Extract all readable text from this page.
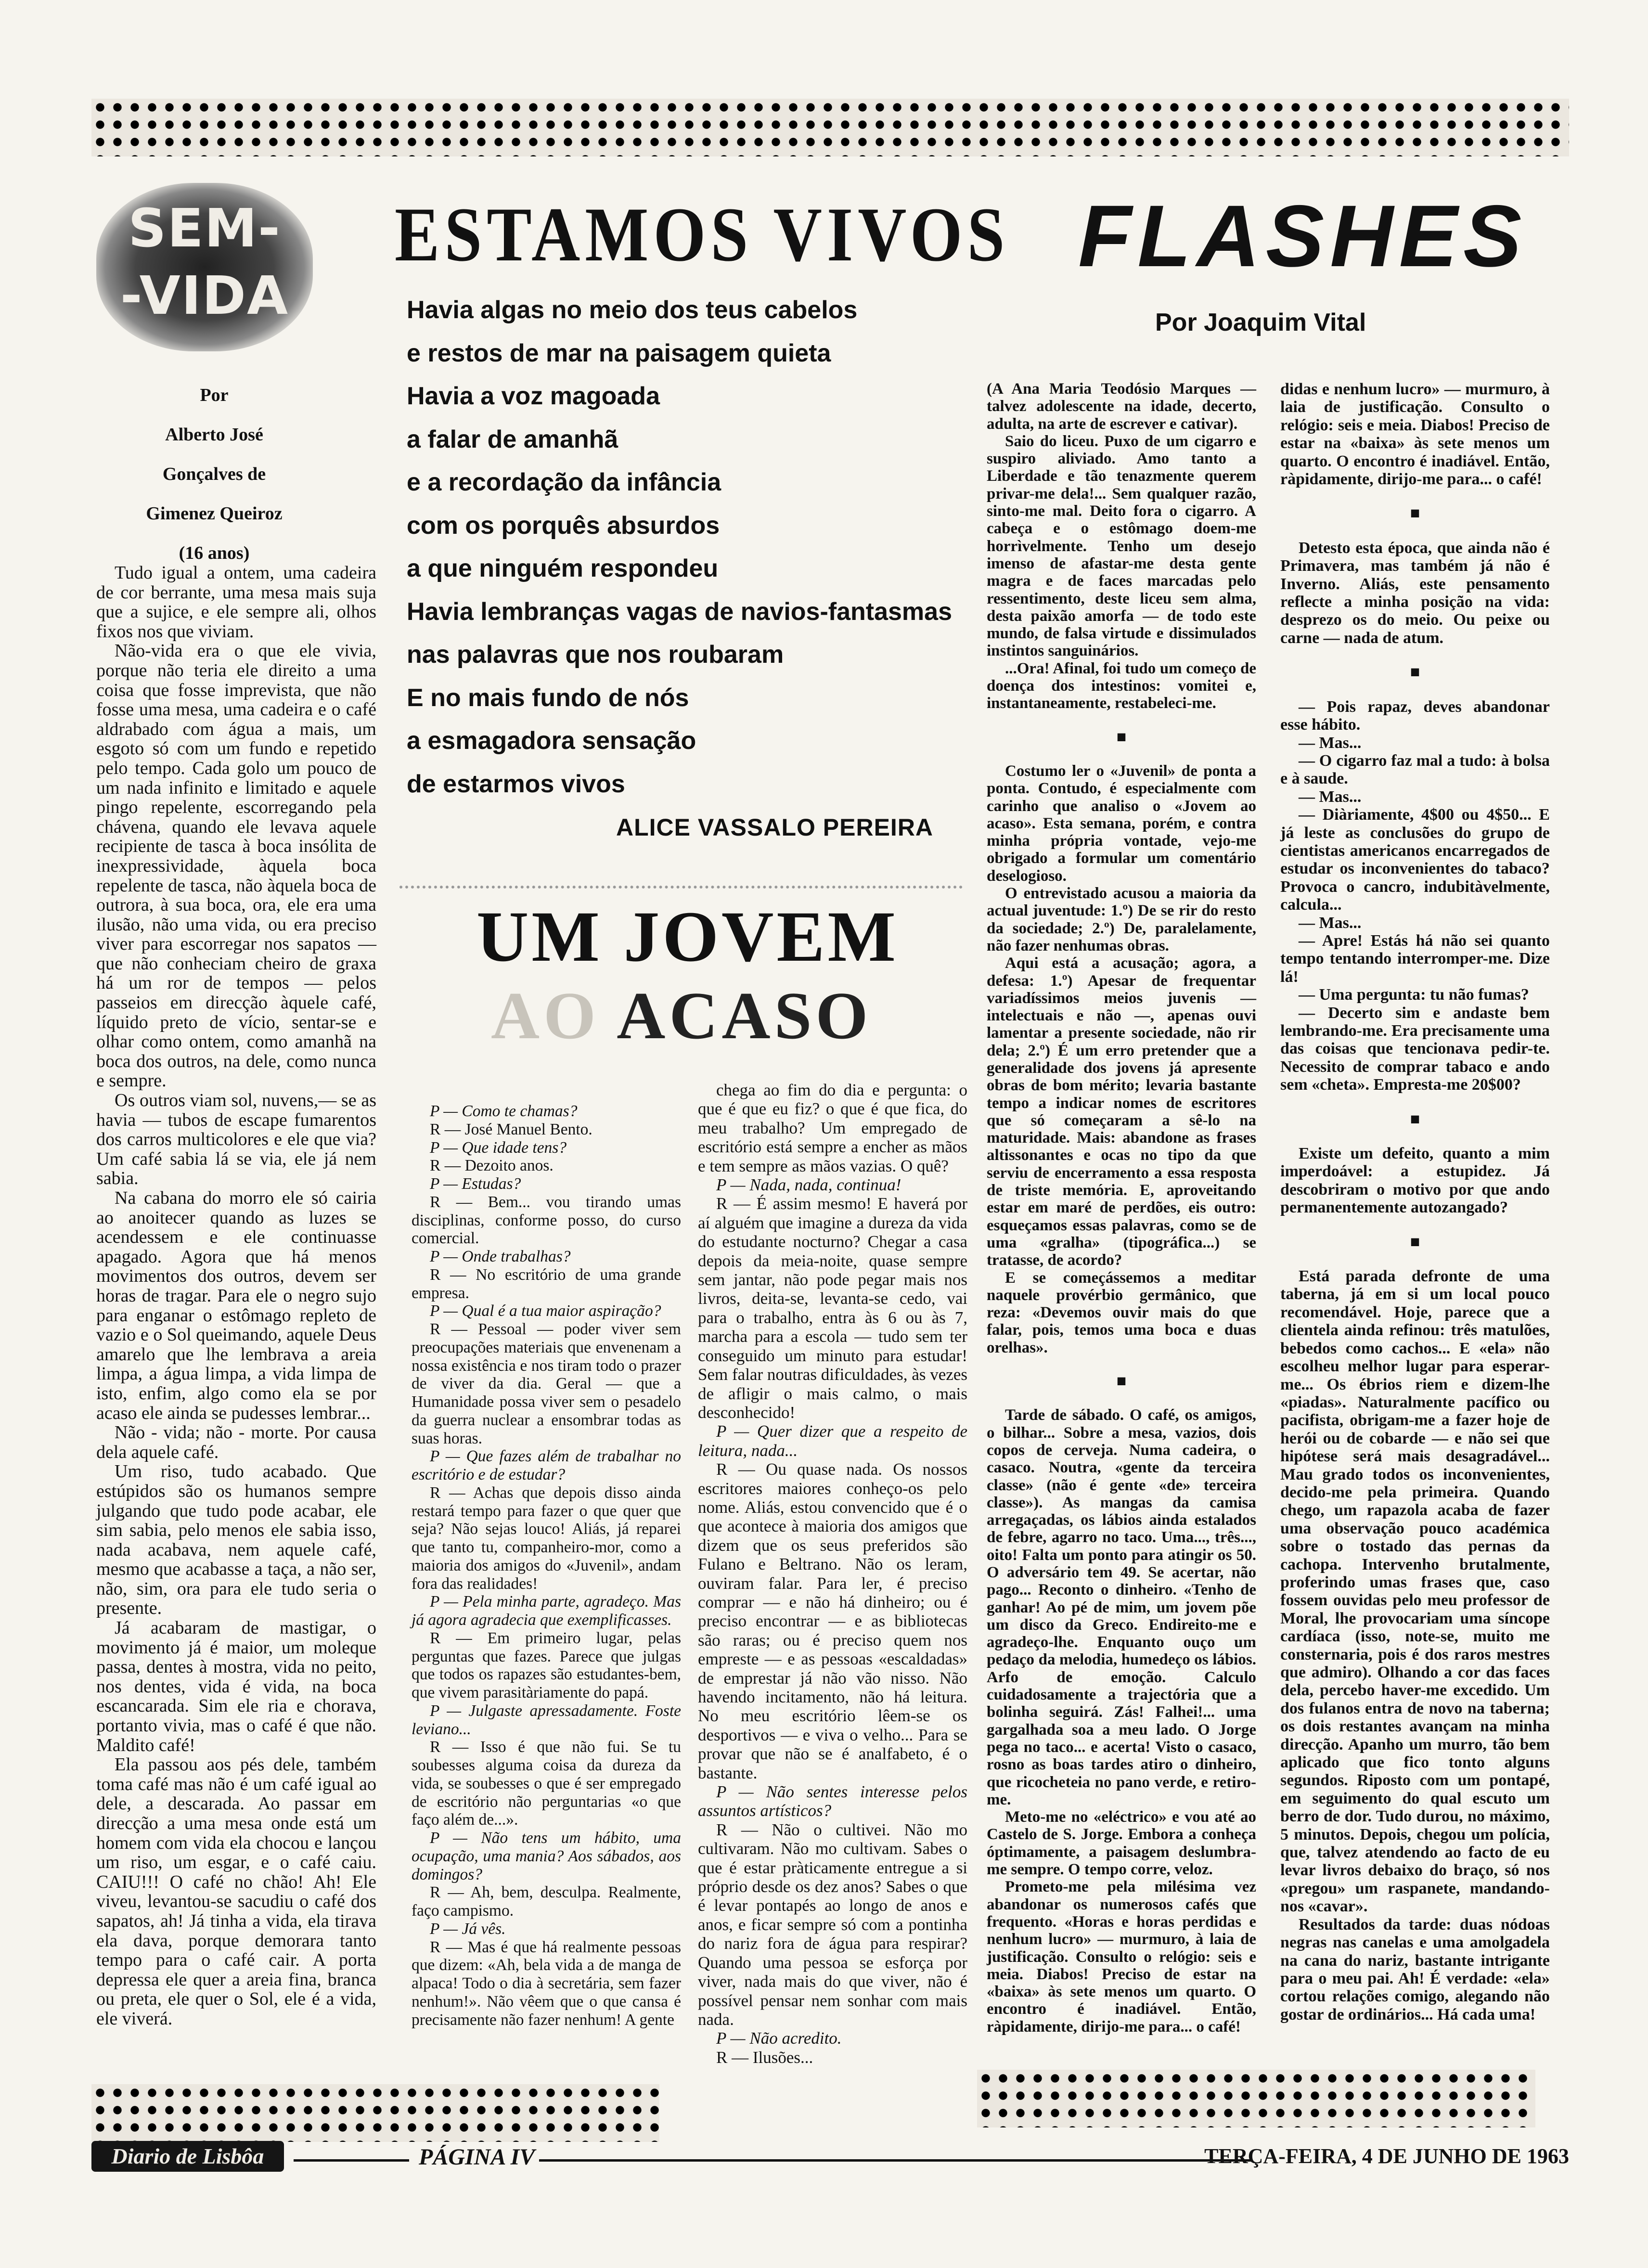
SEM-
-VIDA
Por
Alberto José
Gonçalves de
Gimenez Queiroz
(16 anos)

Tudo igual a ontem, uma cadeira de cor berrante, uma mesa mais suja que a sujice, e ele sempre ali, olhos fixos nos que viviam.

Não-vida era o que ele vivia, porque não teria ele direito a uma coisa que fosse imprevista, que não fosse uma mesa, uma cadeira e o café aldrabado com água a mais, um esgoto só com um fundo e repetido pelo tempo. Cada golo um pouco de um nada infinito e limitado e aquele pingo repelente, escorregando pela chávena, quando ele levava aquele recipiente de tasca à boca insólita de inexpressividade, àquela boca repelente de tasca, não àquela boca de outrora, à sua boca, ora, ele era uma ilusão, não uma vida, ou era preciso viver para escorregar nos sapatos — que não conheciam cheiro de graxa há um ror de tempos — pelos passeios em direcção àquele café, líquido preto de vício, sentar-se e olhar como ontem, como amanhã na boca dos outros, na dele, como nunca e sempre.

Os outros viam sol, nuvens,— se as havia — tubos de escape fumarentos dos carros multicolores e ele que via? Um café sabia lá se via, ele já nem sabia.

Na cabana do morro ele só cairia ao anoitecer quando as luzes se acendessem e ele continuasse apagado. Agora que há menos movimentos dos outros, devem ser horas de tragar. Para ele o negro sujo para enganar o estômago repleto de vazio e o Sol queimando, aquele Deus amarelo que lhe lembrava a areia limpa, a água limpa, a vida limpa de isto, enfim, algo como ela se por acaso ele ainda se pudesses lembrar...

Não - vida; não - morte. Por causa dela aquele café.

Um riso, tudo acabado. Que estúpidos são os humanos sempre julgando que tudo pode acabar, ele sim sabia, pelo menos ele sabia isso, nada acabava, nem aquele café, mesmo que acabasse a taça, a não ser, não, sim, ora para ele tudo seria o presente.

Já acabaram de mastigar, o movimento já é maior, um moleque passa, dentes à mostra, vida no peito, nos dentes, vida é vida, na boca escancarada. Sim ele ria e chorava, portanto vivia, mas o café é que não. Maldito café!

Ela passou aos pés dele, também toma café mas não é um café igual ao dele, a descarada. Ao passar em direcção a uma mesa onde está um homem com vida ela chocou e lançou um riso, um esgar, e o café caiu. CAIU!!! O café no chão! Ah! Ele viveu, levantou-se sacudiu o café dos sapatos, ah! Já tinha a vida, ela tirava ela dava, porque demorara tanto tempo para o café cair. A porta depressa ele quer a areia fina, branca ou preta, ele quer o Sol, ele é a vida, ele viverá.

ESTAMOS VIVOS
Havia algas no meio dos teus cabelos
e restos de mar na paisagem quieta
Havia a voz magoada
a falar de amanhã
e a recordação da infância
com os porquês absurdos
a que ninguém respondeu
Havia lembranças vagas de navios-fantasmas
nas palavras que nos roubaram
E no mais fundo de nós
a esmagadora sensação
de estarmos vivos
ALICE VASSALO PEREIRA
UM JOVEM
AO ACASO

P — Como te chamas?

R — José Manuel Bento.

P — Que idade tens?

R — Dezoito anos.

P — Estudas?

R — Bem... vou tirando umas disciplinas, conforme posso, do curso comercial.

P — Onde trabalhas?

R — No escritório de uma grande empresa.

P — Qual é a tua maior aspiração?

R — Pessoal — poder viver sem preocupações materiais que envenenam a nossa existência e nos tiram todo o prazer de viver da dia. Geral — que a Humanidade possa viver sem o pesadelo da guerra nuclear a ensombrar todas as suas horas.

P — Que fazes além de trabalhar no escritório e de estudar?

R — Achas que depois disso ainda restará tempo para fazer o que quer que seja? Não sejas louco! Aliás, já reparei que tanto tu, companheiro-mor, como a maioria dos amigos do «Juvenil», andam fora das realidades!

P — Pela minha parte, agradeço. Mas já agora agradecia que exemplificasses.

R — Em primeiro lugar, pelas perguntas que fazes. Parece que julgas que todos os rapazes são estudantes-bem, que vivem parasitàriamente do papá.

P — Julgaste apressadamente. Foste leviano...

R — Isso é que não fui. Se tu soubesses alguma coisa da dureza da vida, se soubesses o que é ser empregado de escritório não perguntarias «o que faço além de...».

P — Não tens um hábito, uma ocupação, uma mania? Aos sábados, aos domingos?

R — Ah, bem, desculpa. Realmente, faço campismo.

P — Já vês.

R — Mas é que há realmente pessoas que dizem: «Ah, bela vida a de manga de alpaca! Todo o dia à secretária, sem fazer nenhum!». Não vêem que o que cansa é precisamente não fazer nenhum! A gente

chega ao fim do dia e pergunta: o que é que eu fiz? o que é que fica, do meu trabalho? Um empregado de escritório está sempre a encher as mãos e tem sempre as mãos vazias. O quê?

P — Nada, nada, continua!

R — É assim mesmo! E haverá por aí alguém que imagine a dureza da vida do estudante nocturno? Chegar a casa depois da meia-noite, quase sempre sem jantar, não pode pegar mais nos livros, deita-se, levanta-se cedo, vai para o trabalho, entra às 6 ou às 7, marcha para a escola — tudo sem ter conseguido um minuto para estudar! Sem falar noutras dificuldades, às vezes de afligir o mais calmo, o mais desconhecido!

P — Quer dizer que a respeito de leitura, nada...

R — Ou quase nada. Os nossos escritores maiores conheço-os pelo nome. Aliás, estou convencido que é o que acontece à maioria dos amigos que dizem que os seus preferidos são Fulano e Beltrano. Não os leram, ouviram falar. Para ler, é preciso comprar — e não há dinheiro; ou é preciso encontrar — e as bibliotecas são raras; ou é preciso quem nos empreste — e as pessoas «escaldadas» de emprestar já não vão nisso. Não havendo incitamento, não há leitura. No meu escritório lêem-se os desportivos — e viva o velho... Para se provar que não se é analfabeto, é o bastante.

P — Não sentes interesse pelos assuntos artísticos?

R — Não o cultivei. Não mo cultivaram. Não mo cultivam. Sabes o que é estar pràticamente entregue a si próprio desde os dez anos? Sabes o que é levar pontapés ao longo de anos e anos, e ficar sempre só com a pontinha do nariz fora de água para respirar? Quando uma pessoa se esforça por viver, nada mais do que viver, não é possível pensar nem sonhar com mais nada.

P — Não acredito.

R — Ilusões...

FLASHES
Por Joaquim Vital

(A Ana Maria Teodósio Marques — talvez adolescente na idade, decerto, adulta, na arte de escrever e cativar).

Saio do liceu. Puxo de um cigarro e suspiro aliviado. Amo tanto a Liberdade e tão tenazmente querem privar-me dela!... Sem qualquer razão, sinto-me mal. Deito fora o cigarro. A cabeça e o estômago doem-me horrìvelmente. Tenho um desejo imenso de afastar-me desta gente magra e de faces marcadas pelo ressentimento, deste liceu sem alma, desta paixão amorfa — de todo este mundo, de falsa virtude e dissimulados instintos sanguinários.

...Ora! Afinal, foi tudo um começo de doença dos intestinos: vomitei e, instantaneamente, restabeleci-me.

■

Costumo ler o «Juvenil» de ponta a ponta. Contudo, é especialmente com carinho que analiso o «Jovem ao acaso». Esta semana, porém, e contra minha própria vontade, vejo-me obrigado a formular um comentário deselogioso.

O entrevistado acusou a maioria da actual juventude: 1.º) De se rir do resto da sociedade; 2.º) De, paralelamente, não fazer nenhumas obras.

Aqui está a acusação; agora, a defesa: 1.º) Apesar de frequentar variadíssimos meios juvenis — intelectuais e não —, apenas ouvi lamentar a presente sociedade, não rir dela; 2.º) É um erro pretender que a generalidade dos jovens já apresente obras de bom mérito; levaria bastante tempo a indicar nomes de escritores que só começaram a sê-lo na maturidade. Mais: abandone as frases altissonantes e ocas no tipo da que serviu de encerramento a essa resposta de triste memória. E, aproveitando estar em maré de perdões, eis outro: esqueçamos essas palavras, como se de uma «gralha» (tipográfica...) se tratasse, de acordo?

E se começássemos a meditar naquele provérbio germânico, que reza: «Devemos ouvir mais do que falar, pois, temos uma boca e duas orelhas».

■

Tarde de sábado. O café, os amigos, o bilhar... Sobre a mesa, vazios, dois copos de cerveja. Numa cadeira, o casaco. Noutra, «gente da terceira classe» (não é gente «de» terceira classe»). As mangas da camisa arregaçadas, os lábios ainda estalados de febre, agarro no taco. Uma..., três..., oito! Falta um ponto para atingir os 50. O adversário tem 49. Se acertar, não pago... Reconto o dinheiro. «Tenho de ganhar! Ao pé de mim, um jovem põe um disco da Greco. Endireito-me e agradeço-lhe. Enquanto ouço um pedaço da melodia, humedeço os lábios. Arfo de emoção. Calculo cuidadosamente a trajectória que a bolinha seguirá. Zás! Falhei!... uma gargalhada soa a meu lado. O Jorge pega no taco... e acerta! Visto o casaco, rosno as boas tardes atiro o dinheiro, que ricocheteia no pano verde, e retiro-me.

Meto-me no «eléctrico» e vou até ao Castelo de S. Jorge. Embora a conheça óptimamente, a paisagem deslumbra-me sempre. O tempo corre, veloz.

Prometo-me pela milésima vez abandonar os numerosos cafés que frequento. «Horas e horas perdidas e nenhum lucro» — murmuro, à laia de justificação. Consulto o relógio: seis e meia. Diabos! Preciso de estar na «baixa» às sete menos um quarto. O encontro é inadiável. Então, ràpidamente, dirijo-me para... o café!

didas e nenhum lucro» — murmuro, à laia de justificação. Consulto o relógio: seis e meia. Diabos! Preciso de estar na «baixa» às sete menos um quarto. O encontro é inadiável. Então, ràpidamente, dirijo-me para... o café!

■

Detesto esta época, que ainda não é Primavera, mas também já não é Inverno. Aliás, este pensamento reflecte a minha posição na vida: desprezo os do meio. Ou peixe ou carne — nada de atum.

■

— Pois rapaz, deves abandonar esse hábito.

— Mas...

— O cigarro faz mal a tudo: à bolsa e à saude.

— Mas...

— Diàriamente, 4$00 ou 4$50... E já leste as conclusões do grupo de cientistas americanos encarregados de estudar os inconvenientes do tabaco? Provoca o cancro, indubitàvelmente, calcula...

— Mas...

— Apre! Estás há não sei quanto tempo tentando interromper-me. Dize lá!

— Uma pergunta: tu não fumas?

— Decerto sim e andaste bem lembrando-me. Era precisamente uma das coisas que tencionava pedir-te. Necessito de comprar tabaco e ando sem «cheta». Empresta-me 20$00?

■

Existe um defeito, quanto a mim imperdoável: a estupidez. Já descobriram o motivo por que ando permanentemente autozangado?

■

Está parada defronte de uma taberna, já em si um local pouco recomendável. Hoje, parece que a clientela ainda refinou: três matulões, bebedos como cachos... E «ela» não escolheu melhor lugar para esperar-me... Os ébrios riem e dizem-lhe «piadas». Naturalmente pacífico ou pacifista, obrigam-me a fazer hoje de herói ou de cobarde — e não sei que hipótese será mais desagradável... Mau grado todos os inconvenientes, decido-me pela primeira. Quando chego, um rapazola acaba de fazer uma observação pouco académica sobre o tostado das pernas da cachopa. Intervenho brutalmente, proferindo umas frases que, caso fossem ouvidas pelo meu professor de Moral, lhe provocariam uma síncope cardíaca (isso, note-se, muito me consternaria, pois é dos raros mestres que admiro). Olhando a cor das faces dela, percebo haver-me excedido. Um dos fulanos entra de novo na taberna; os dois restantes avançam na minha direcção. Apanho um murro, tão bem aplicado que fico tonto alguns segundos. Riposto com um pontapé, em seguimento do qual escuto um berro de dor. Tudo durou, no máximo, 5 minutos. Depois, chegou um polícia, que, talvez atendendo ao facto de eu levar livros debaixo do braço, só nos «pregou» um raspanete, mandando-nos «cavar».

Resultados da tarde: duas nódoas negras nas canelas e uma amolgadela na cana do nariz, bastante intrigante para o meu pai. Ah! É verdade: «ela» cortou relações comigo, alegando não gostar de ordinários... Há cada uma!

Diario de Lisbôa	PÁGINA IV	TERÇA-FEIRA, 4 DE JUNHO DE 1963
